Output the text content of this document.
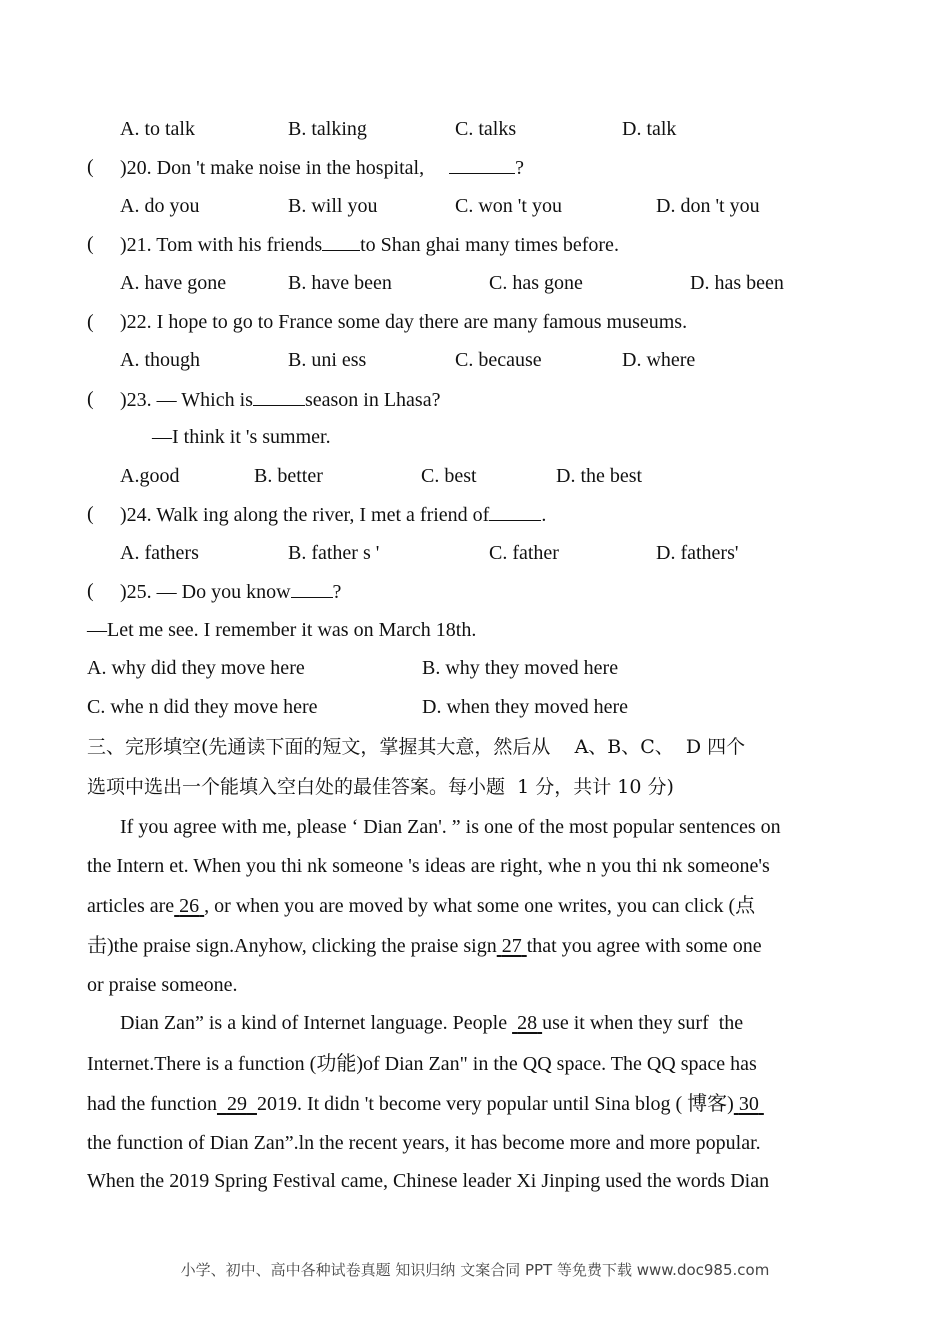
A. to talk	B. talking	C. talks	D. talk
( )20. Don 't make noise in the hospital,	?
A. do you	B. will you	C. won 't you	D. don 't you
( )21. Tom with his friends to Shan ghai many times before.
A. have gone	B. have been	C. has gone	D. has been
( )22. I hope to go to France some day there are many famous museums.
A. though	B. uni ess	C. because	D. where
( )23. — Which is	season in Lhasa?
—I think it 's summer.
A.good	B. better	C. best	D. the best
( )24. Walk ing along the river, I met a friend of	.
A. fathers	B. father s '	C. father	D. fathers'
( )25. — Do you know ?
—Let me see. I remember it was on March 18th.
A. why did they move here	B. why they moved here
C. whe n did they move here	D. when they moved here
三、完形填空(先通读下面的短文，掌握其大意，然后从    A、B、C、  D 四个
选项中选出一个能填入空白处的最佳答案。每小题  1 分，共计 10 分)
If you agree with me, please ‘ Dian Zan'. ” is one of the most popular sentences on
the Intern et. When you thi nk someone 's ideas are right, whe n you thi nk someone's
articles are 26 , or when you are moved by what some one writes, you can click (点
击)the praise sign.Anyhow, clicking the praise sign 27 that you agree with some one
or praise someone.
Dian Zan” is a kind of Internet language. People  28 use it when they surf  the
Internet.There is a function (功能)of Dian Zan" in the QQ space. The QQ space has
had the function 29 2019. It didn 't become very popular until Sina blog ( 博客) 30
the function of Dian Zan”.ln the recent years, it has become more and more popular.
When the 2019 Spring Festival came, Chinese leader Xi Jinping used the words Dian
小学、初中、高中各种试卷真题 知识归纳 文案合同 PPT 等免费下载 www.doc985.com
